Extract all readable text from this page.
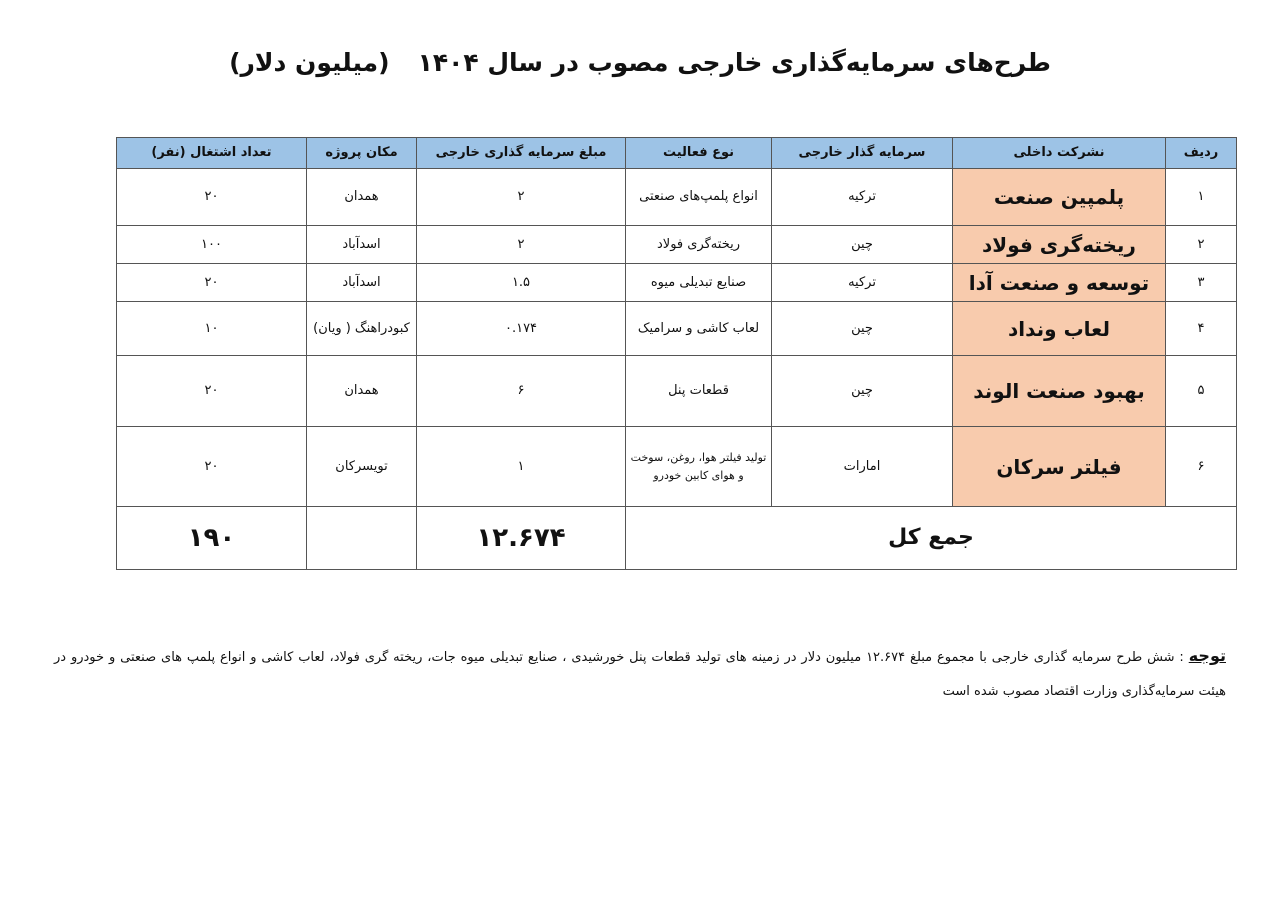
طرح‌های سرمایه‌گذاری خارجی مصوب در سال ۱۴۰۴(میلیون دلار)
ردیف	نشرکت داخلی	سرمایه گذار خارجی	نوع فعالیت	مبلغ سرمایه گذاری خارجی	مکان پروژه	تعداد اشتغال (نفر)
۱	پلمپین صنعت	ترکیه	انواع پلمپ‌های صنعتی	۲	همدان	۲۰
۲	ریخته‌گری فولاد	چین	ریخته‌گری فولاد	۲	اسدآباد	۱۰۰
۳	توسعه و صنعت آدا	ترکیه	صنایع تبدیلی میوه	۱.۵	اسدآباد	۲۰
۴	لعاب ونداد	چین	لعاب کاشی و سرامیک	۰.۱۷۴	کبودراهنگ ( ویان)	۱۰
۵	بهبود صنعت الوند	چین	قطعات پنل	۶	همدان	۲۰
۶	فیلتر سرکان	امارات	تولید فیلتر هوا، روغن، سوخت و هوای کابین خودرو	۱	تویسرکان	۲۰
جمع کل				۱۲.۶۷۴		۱۹۰
توجه : شش طرح سرمایه گذاری خارجی با مجموع مبلغ ۱۲.۶۷۴ میلیون دلار در زمینه های تولید قطعات پنل خورشیدی ، صنایع تبدیلی میوه جات، ریخته گری فولاد، لعاب کاشی و انواع پلمپ های صنعتی و خودرو در هیئت سرمایه‌گذاری وزارت اقتصاد مصوب شده است
